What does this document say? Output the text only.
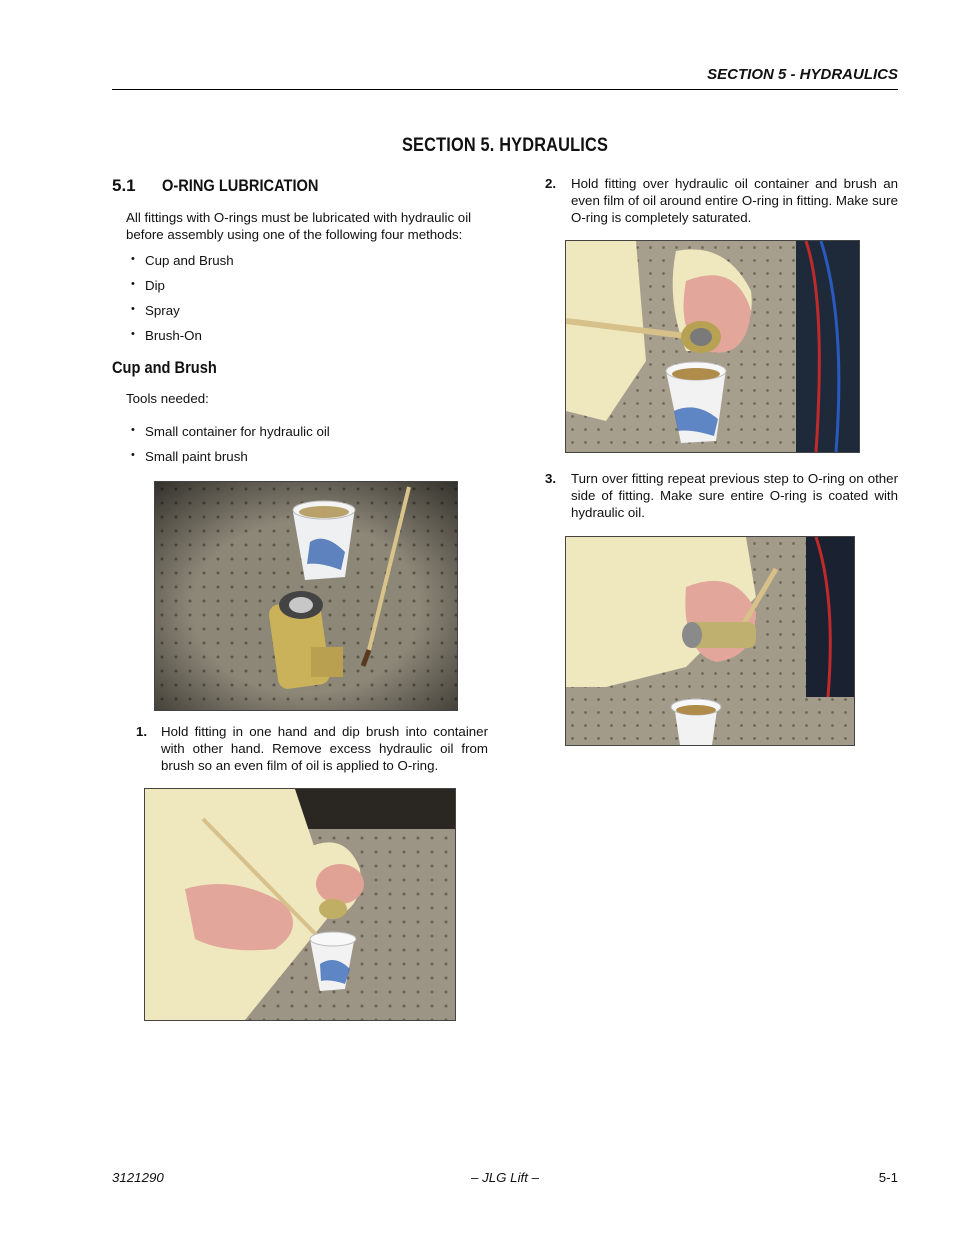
SECTION 5 - HYDRAULICS
SECTION 5. HYDRAULICS
5.1 O-RING LUBRICATION
All fittings with O-rings must be lubricated with hydraulic oil before assembly using one of the following four methods:
• Cup and Brush
• Dip
• Spray
• Brush-On
Cup and Brush
Tools needed:
• Small container for hydraulic oil
• Small paint brush
1. Hold fitting in one hand and dip brush into container with other hand. Remove excess hydraulic oil from brush so an even film of oil is applied to O-ring.
2. Hold fitting over hydraulic oil container and brush an even film of oil around entire O-ring in fitting. Make sure O-ring is completely saturated.
3. Turn over fitting repeat previous step to O-ring on other side of fitting. Make sure entire O-ring is coated with hydraulic oil.
3121290	– JLG Lift –	5-1
